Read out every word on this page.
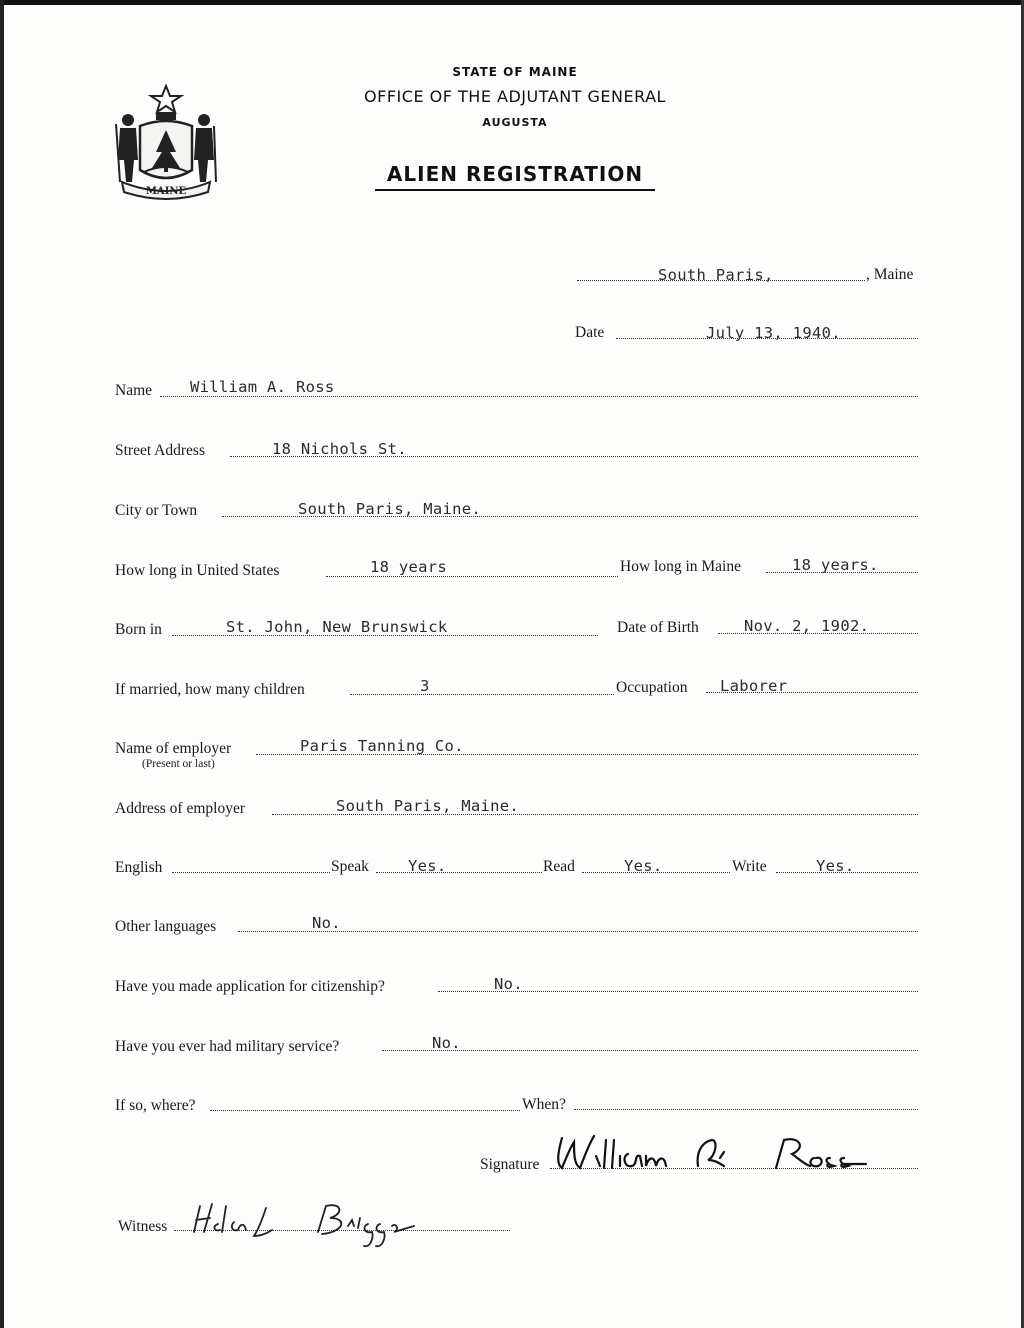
MAINE
STATE OF MAINE
OFFICE OF THE ADJUTANT GENERAL
AUGUSTA
ALIEN REGISTRATION
South Paris,	, Maine
Date	July 13, 1940.
Name William A. Ross
Street Address	18 Nichols St.
City or Town	South Paris, Maine.
How long in United States	18 years	How long in Maine	18 years.
Born in	St. John, New Brunswick	Date of Birth	Nov. 2, 1902.
If married, how many children	3	Occupation Laborer
Name of employer
(Present or last)
Paris Tanning Co.
Address of employer	South Paris, Maine.
English	Speak	Yes.	Read	Yes.	Write	Yes.
Other languages	No.
Have you made application for citizenship?	No.
Have you ever had military service?	No.
If so, where?	When?
Signature
Witness
